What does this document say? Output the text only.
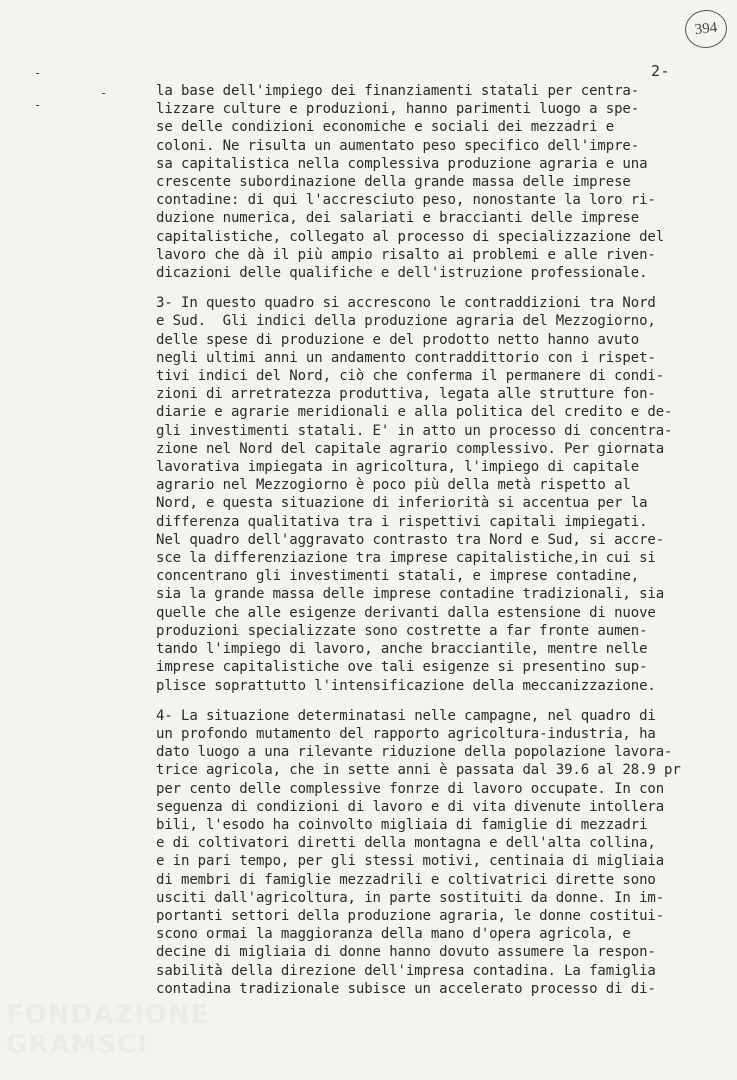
394
2-
-
-
-
FONDAZIONE
GRAMSCI
la base dell'impiego dei finanziamenti statali per centra-
lizzare culture e produzioni, hanno parimenti luogo a spe-
se delle condizioni economiche e sociali dei mezzadri e
coloni. Ne risulta un aumentato peso specifico dell'impre-
sa capitalistica nella complessiva produzione agraria e una
crescente subordinazione della grande massa delle imprese
contadine: di qui l'accresciuto peso, nonostante la loro ri-
duzione numerica, dei salariati e braccianti delle imprese
capitalistiche, collegato al processo di specializzazione del
lavoro che dà il più ampio risalto ai problemi e alle riven-
dicazioni delle qualifiche e dell'istruzione professionale.
3- In questo quadro si accrescono le contraddizioni tra Nord
e Sud.  Gli indici della produzione agraria del Mezzogiorno,
delle spese di produzione e del prodotto netto hanno avuto
negli ultimi anni un andamento contraddittorio con i rispet-
tivi indici del Nord, ciò che conferma il permanere di condi-
zioni di arretratezza produttiva, legata alle strutture fon-
diarie e agrarie meridionali e alla politica del credito e de-
gli investimenti statali. E' in atto un processo di concentra-
zione nel Nord del capitale agrario complessivo. Per giornata
lavorativa impiegata in agricoltura, l'impiego di capitale
agrario nel Mezzogiorno è poco più della metà rispetto al
Nord, e questa situazione di inferiorità si accentua per la
differenza qualitativa tra i rispettivi capitali impiegati.
Nel quadro dell'aggravato contrasto tra Nord e Sud, si accre-
sce la differenziazione tra imprese capitalistiche,in cui si
concentrano gli investimenti statali, e imprese contadine,
sia la grande massa delle imprese contadine tradizionali, sia
quelle che alle esigenze derivanti dalla estensione di nuove
produzioni specializzate sono costrette a far fronte aumen-
tando l'impiego di lavoro, anche bracciantile, mentre nelle
imprese capitalistiche ove tali esigenze si presentino sup-
plisce soprattutto l'intensificazione della meccanizzazione.
4- La situazione determinatasi nelle campagne, nel quadro di
un profondo mutamento del rapporto agricoltura-industria, ha
dato luogo a una rilevante riduzione della popolazione lavora-
trice agricola, che in sette anni è passata dal 39.6 al 28.9 pr
per cento delle complessive fonrze di lavoro occupate. In con
seguenza di condizioni di lavoro e di vita divenute intollera
bili, l'esodo ha coinvolto migliaia di famiglie di mezzadri
e di coltivatori diretti della montagna e dell'alta collina,
e in pari tempo, per gli stessi motivi, centinaia di migliaia
di membri di famiglie mezzadrili e coltivatrici dirette sono
usciti dall'agricoltura, in parte sostituiti da donne. In im-
portanti settori della produzione agraria, le donne costitui-
scono ormai la maggioranza della mano d'opera agricola, e
decine di migliaia di donne hanno dovuto assumere la respon-
sabilità della direzione dell'impresa contadina. La famiglia
contadina tradizionale subisce un accelerato processo di di-
